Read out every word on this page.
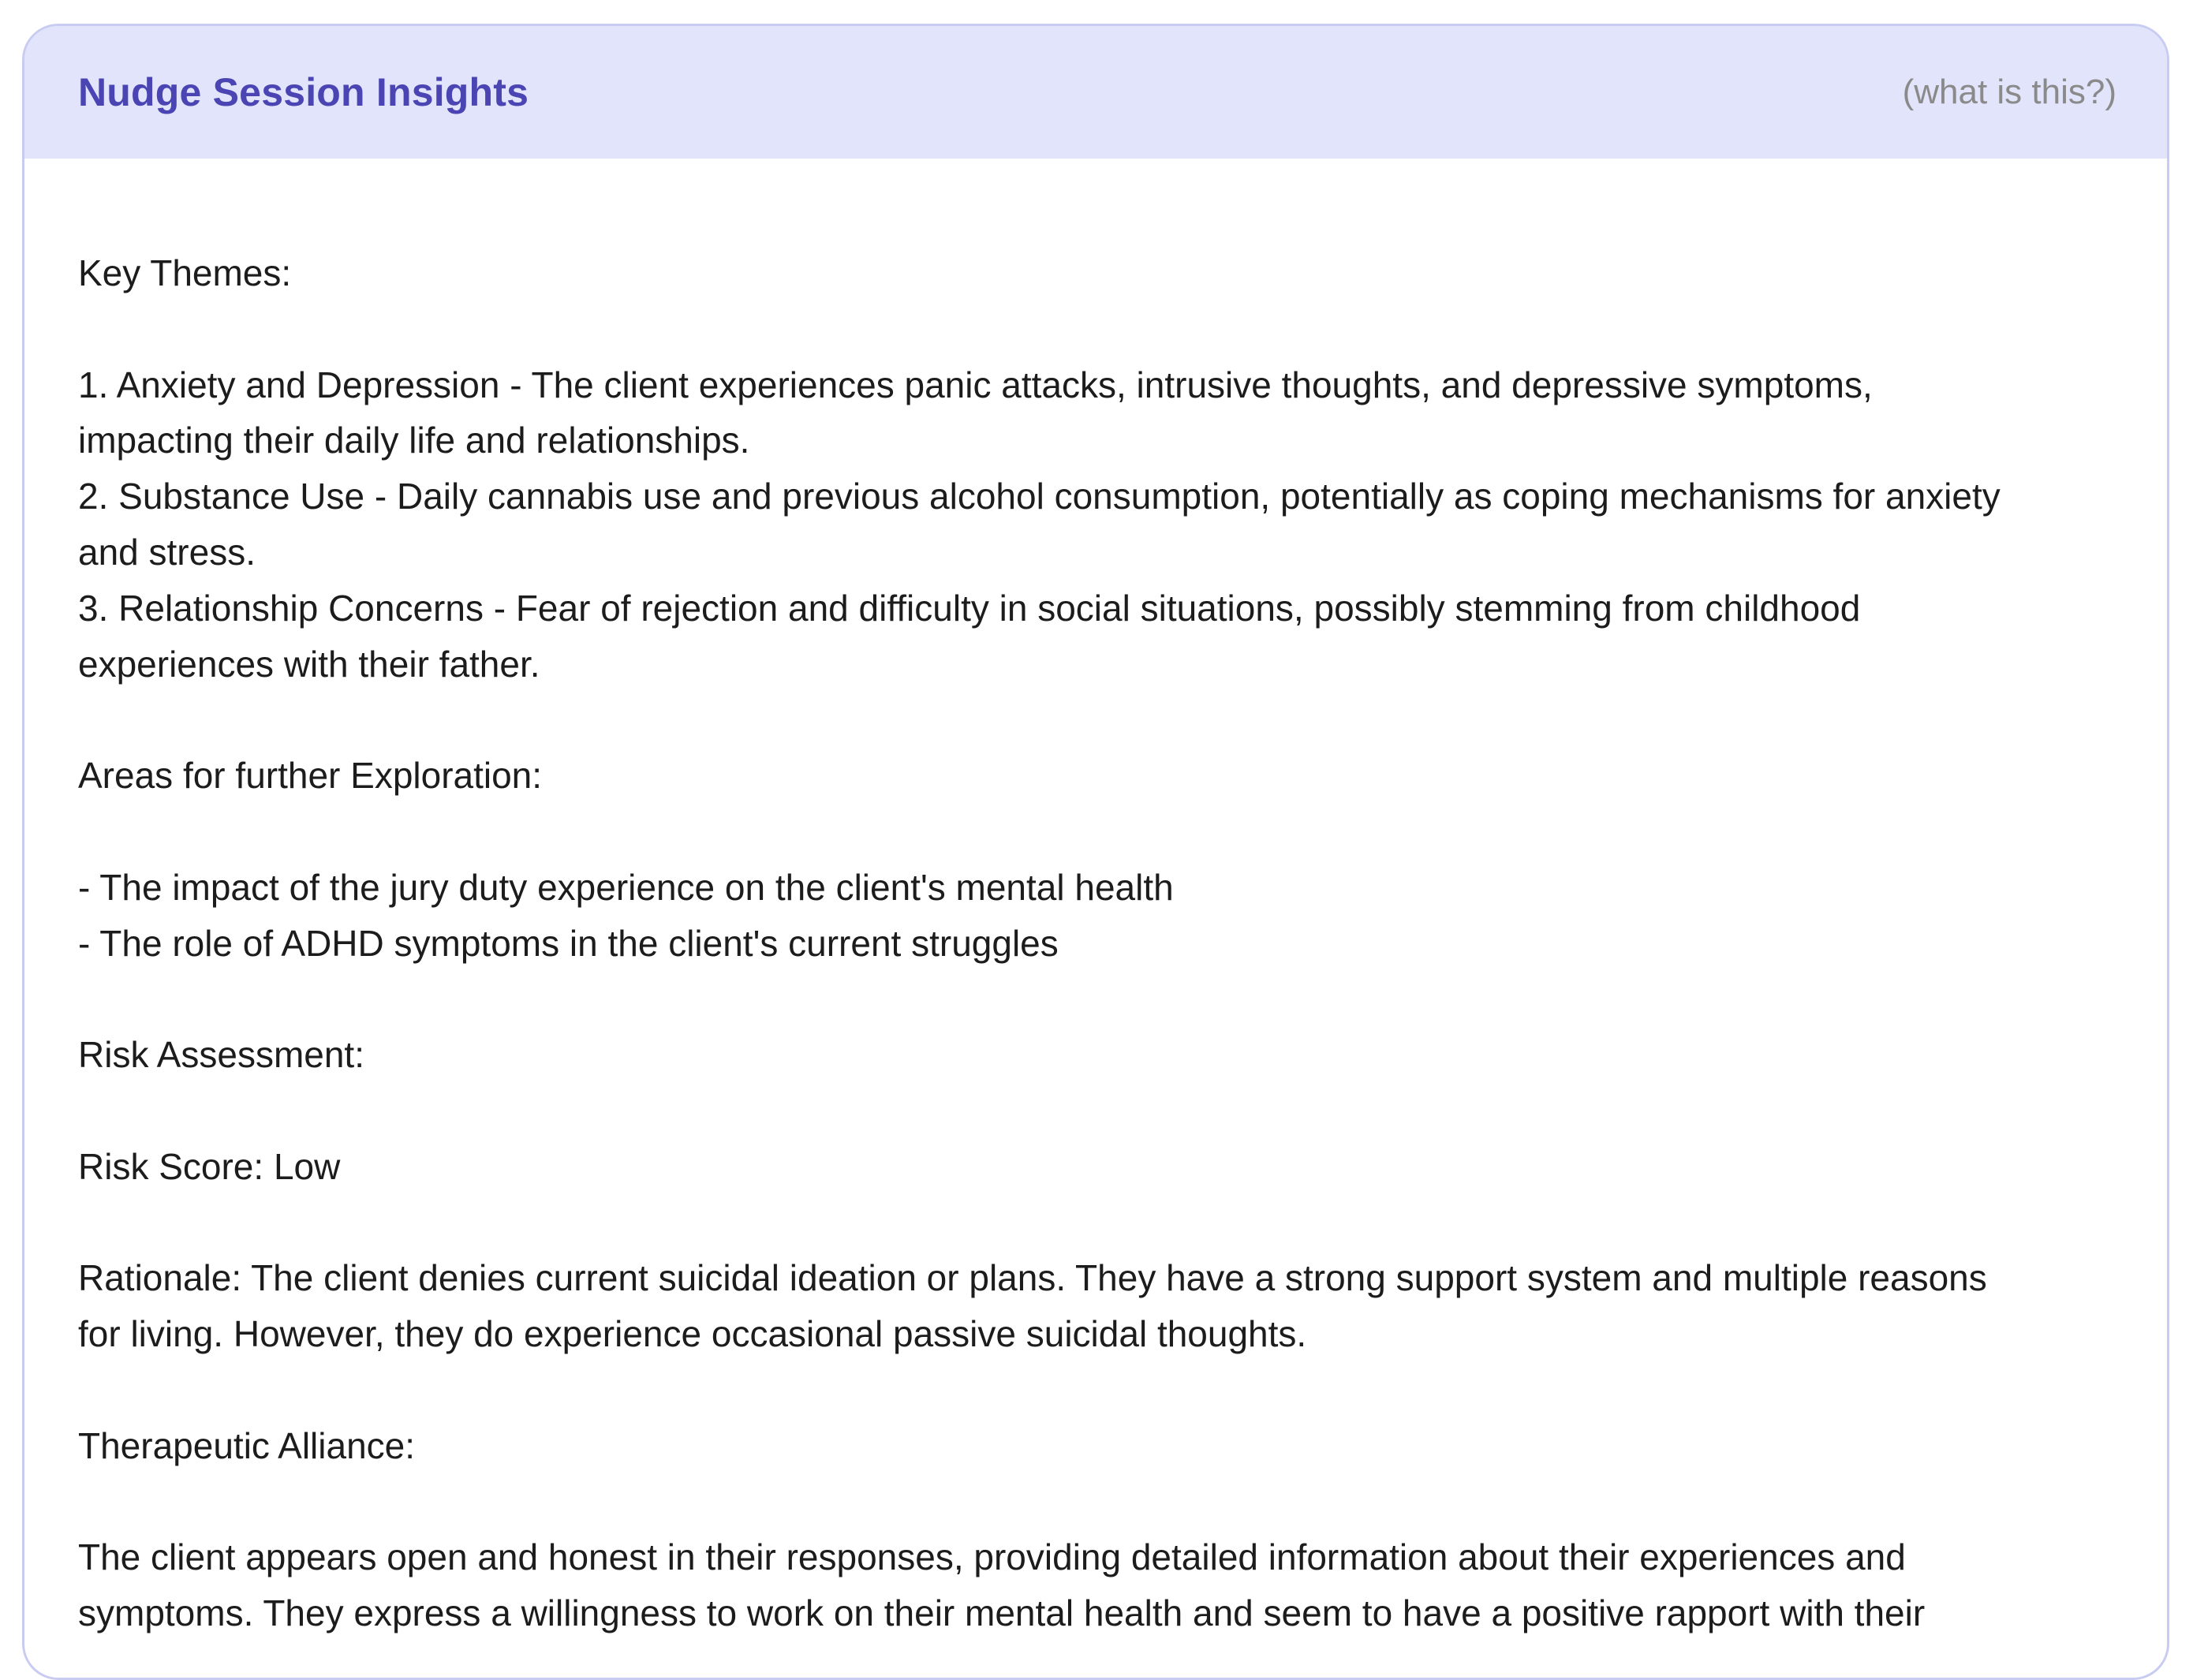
Nudge Session Insights	(what is this?)
Key Themes:
1. Anxiety and Depression - The client experiences panic attacks, intrusive thoughts, and depressive symptoms,
impacting their daily life and relationships.
2. Substance Use - Daily cannabis use and previous alcohol consumption, potentially as coping mechanisms for anxiety
and stress.
3. Relationship Concerns - Fear of rejection and difficulty in social situations, possibly stemming from childhood
experiences with their father.
Areas for further Exploration:
- The impact of the jury duty experience on the client's mental health
- The role of ADHD symptoms in the client's current struggles
Risk Assessment:
Risk Score: Low
Rationale: The client denies current suicidal ideation or plans. They have a strong support system and multiple reasons
for living. However, they do experience occasional passive suicidal thoughts.
Therapeutic Alliance:
The client appears open and honest in their responses, providing detailed information about their experiences and
symptoms. They express a willingness to work on their mental health and seem to have a positive rapport with their
